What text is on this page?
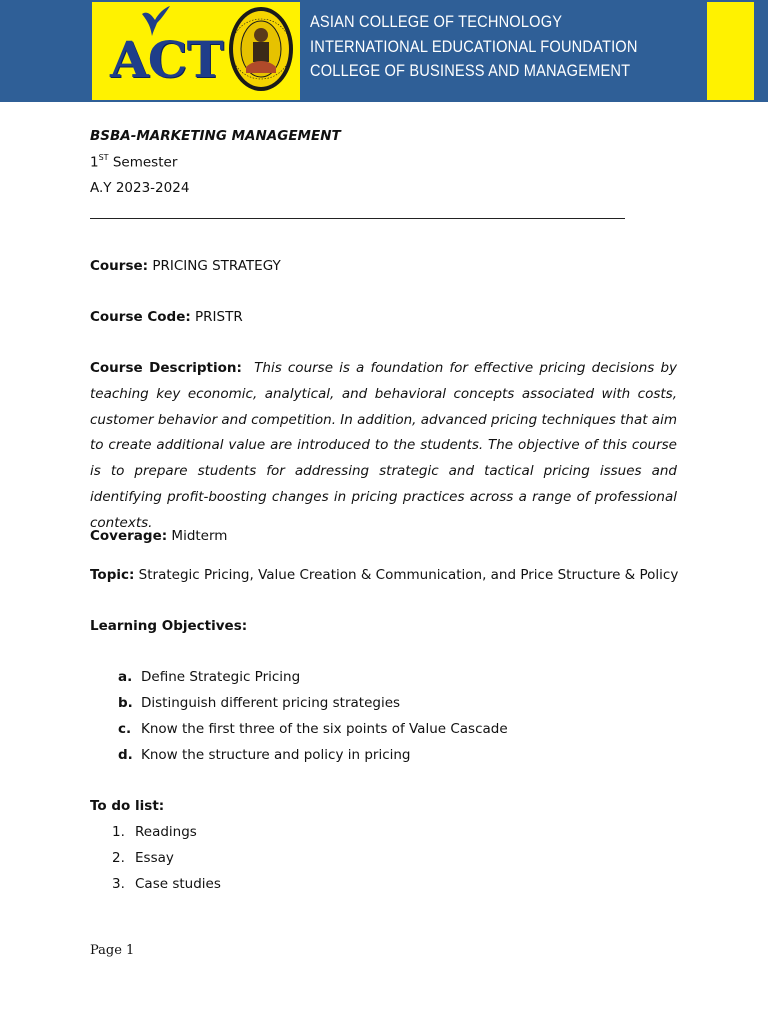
ACT
ASIAN COLLEGE OF TECHNOLOGY
INTERNATIONAL EDUCATIONAL FOUNDATION
COLLEGE OF BUSINESS AND MANAGEMENT
BSBA-MARKETING MANAGEMENT
1ST Semester
A.Y 2023-2024
Course: PRICING STRATEGY
Course Code: PRISTR
Course Description: This course is a foundation for effective pricing decisions by teaching key economic, analytical, and behavioral concepts associated with costs, customer behavior and competition. In addition, advanced pricing techniques that aim to create additional value are introduced to the students. The objective of this course is to prepare students for addressing strategic and tactical pricing issues and identifying profit-boosting changes in pricing practices across a range of professional contexts.
Coverage: Midterm
Topic: Strategic Pricing, Value Creation & Communication, and Price Structure & Policy
Learning Objectives:
a. Define Strategic Pricing
b. Distinguish different pricing strategies
c. Know the first three of the six points of Value Cascade
d. Know the structure and policy in pricing
To do list:
1. Readings
2. Essay
3. Case studies
Page 1
